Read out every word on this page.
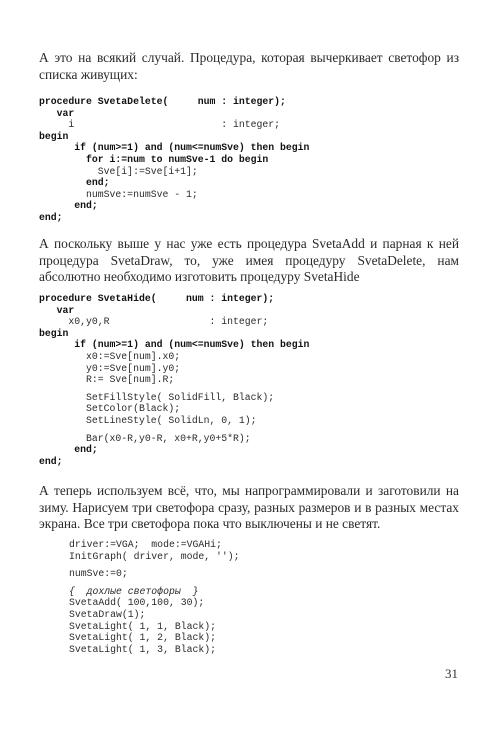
А это на всякий случай. Процедура, которая вычеркивает светофор из списка живущих:
procedure SvetaDelete(     num : integer);
var
i                         : integer;
begin
if (num>=1) and (num<=numSve) then begin
for i:=num to numSve-1 do begin
Sve[i]:=Sve[i+1];
end;
numSve:=numSve - 1;
end;
end;
А поскольку выше у нас уже есть процедура SvetaAdd и парная к ней процедура SvetaDraw, то, уже имея процедуру SvetaDelete, нам абсолютно необходимо изготовить процедуру SvetaHide
procedure SvetaHide(     num : integer);
var
x0,y0,R                 : integer;
begin
if (num>=1) and (num<=numSve) then begin
x0:=Sve[num].x0;
y0:=Sve[num].y0;
R:= Sve[num].R;
SetFillStyle( SolidFill, Black);
SetColor(Black);
SetLineStyle( SolidLn, 0, 1);
Bar(x0-R,y0-R, x0+R,y0+5*R);
end;
end;
А теперь используем всё, что, мы напрограммировали и заготовили на зиму. Нарисуем три светофора сразу, разных размеров и в разных местах экрана. Все три светофора пока что выключены и не светят.
driver:=VGA;  mode:=VGAHi;
InitGraph( driver, mode, '');
numSve:=0;
{  дохлые светофоры  }
SvetaAdd( 100,100, 30);
SvetaDraw(1);
SvetaLight( 1, 1, Black);
SvetaLight( 1, 2, Black);
SvetaLight( 1, 3, Black);
31
